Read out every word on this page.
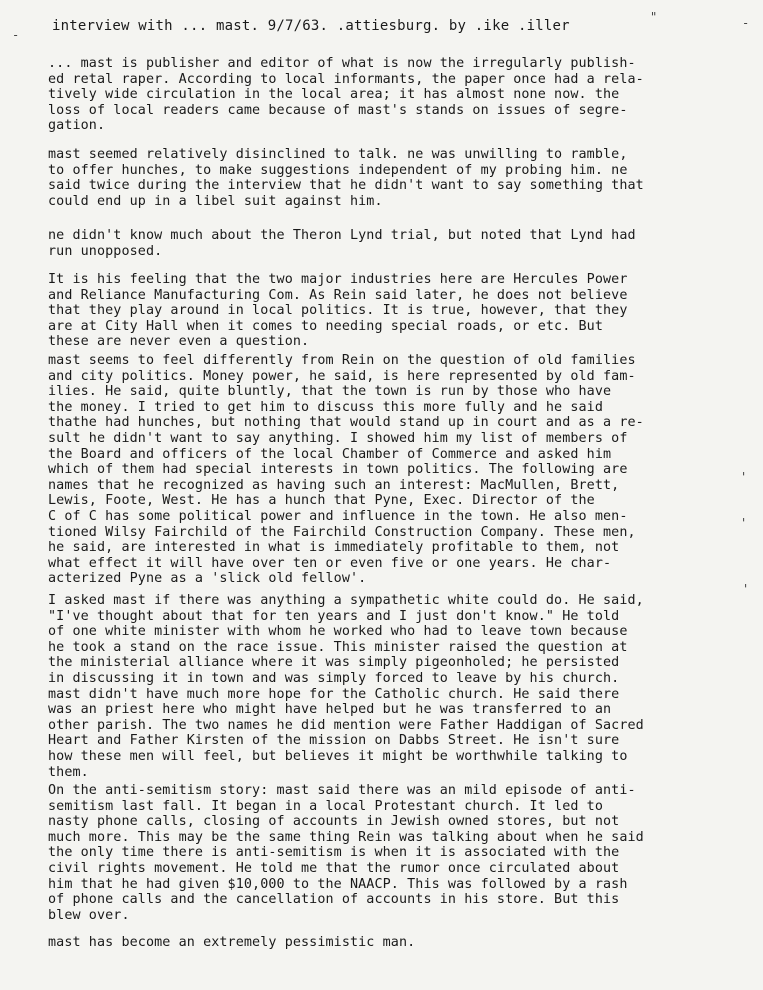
-
"	-
'
'
'
interview with ... mast. 9/7/63. .attiesburg. by .ike .iller
... mast is publisher and editor of what is now the irregularly publish-
ed retal raper. According to local informants, the paper once had a rela-
tively wide circulation in the local area; it has almost none now. the
loss of local readers came because of mast's stands on issues of segre-
gation.
mast seemed relatively disinclined to talk. ne was unwilling to ramble,
to offer hunches, to make suggestions independent of my probing him. ne
said twice during the interview that he didn't want to say something that
could end up in a libel suit against him.
ne didn't know much about the Theron Lynd trial, but noted that Lynd had
run unopposed.
It is his feeling that the two major industries here are Hercules Power
and Reliance Manufacturing Com. As Rein said later, he does not believe
that they play around in local politics. It is true, however, that they
are at City Hall when it comes to needing special roads, or etc. But
these are never even a question.
mast seems to feel differently from Rein on the question of old families
and city politics. Money power, he said, is here represented by old fam-
ilies. He said, quite bluntly, that the town is run by those who have
the money. I tried to get him to discuss this more fully and he said
thathe had hunches, but nothing that would stand up in court and as a re-
sult he didn't want to say anything. I showed him my list of members of
the Board and officers of the local Chamber of Commerce and asked him
which of them had special interests in town politics. The following are
names that he recognized as having such an interest: MacMullen, Brett,
Lewis, Foote, West. He has a hunch that Pyne, Exec. Director of the
C of C has some political power and influence in the town. He also men-
tioned Wilsy Fairchild of the Fairchild Construction Company. These men,
he said, are interested in what is immediately profitable to them, not
what effect it will have over ten or even five or one years. He char-
acterized Pyne as a 'slick old fellow'.
I asked mast if there was anything a sympathetic white could do. He said,
"I've thought about that for ten years and I just don't know." He told
of one white minister with whom he worked who had to leave town because
he took a stand on the race issue. This minister raised the question at
the ministerial alliance where it was simply pigeonholed; he persisted
in discussing it in town and was simply forced to leave by his church.
mast didn't have much more hope for the Catholic church. He said there
was an priest here who might have helped but he was transferred to an
other parish. The two names he did mention were Father Haddigan of Sacred
Heart and Father Kirsten of the mission on Dabbs Street. He isn't sure
how these men will feel, but believes it might be worthwhile talking to
them.
On the anti-semitism story: mast said there was an mild episode of anti-
semitism last fall. It began in a local Protestant church. It led to
nasty phone calls, closing of accounts in Jewish owned stores, but not
much more. This may be the same thing Rein was talking about when he said
the only time there is anti-semitism is when it is associated with the
civil rights movement. He told me that the rumor once circulated about
him that he had given $10,000 to the NAACP. This was followed by a rash
of phone calls and the cancellation of accounts in his store. But this
blew over.
mast has become an extremely pessimistic man.
